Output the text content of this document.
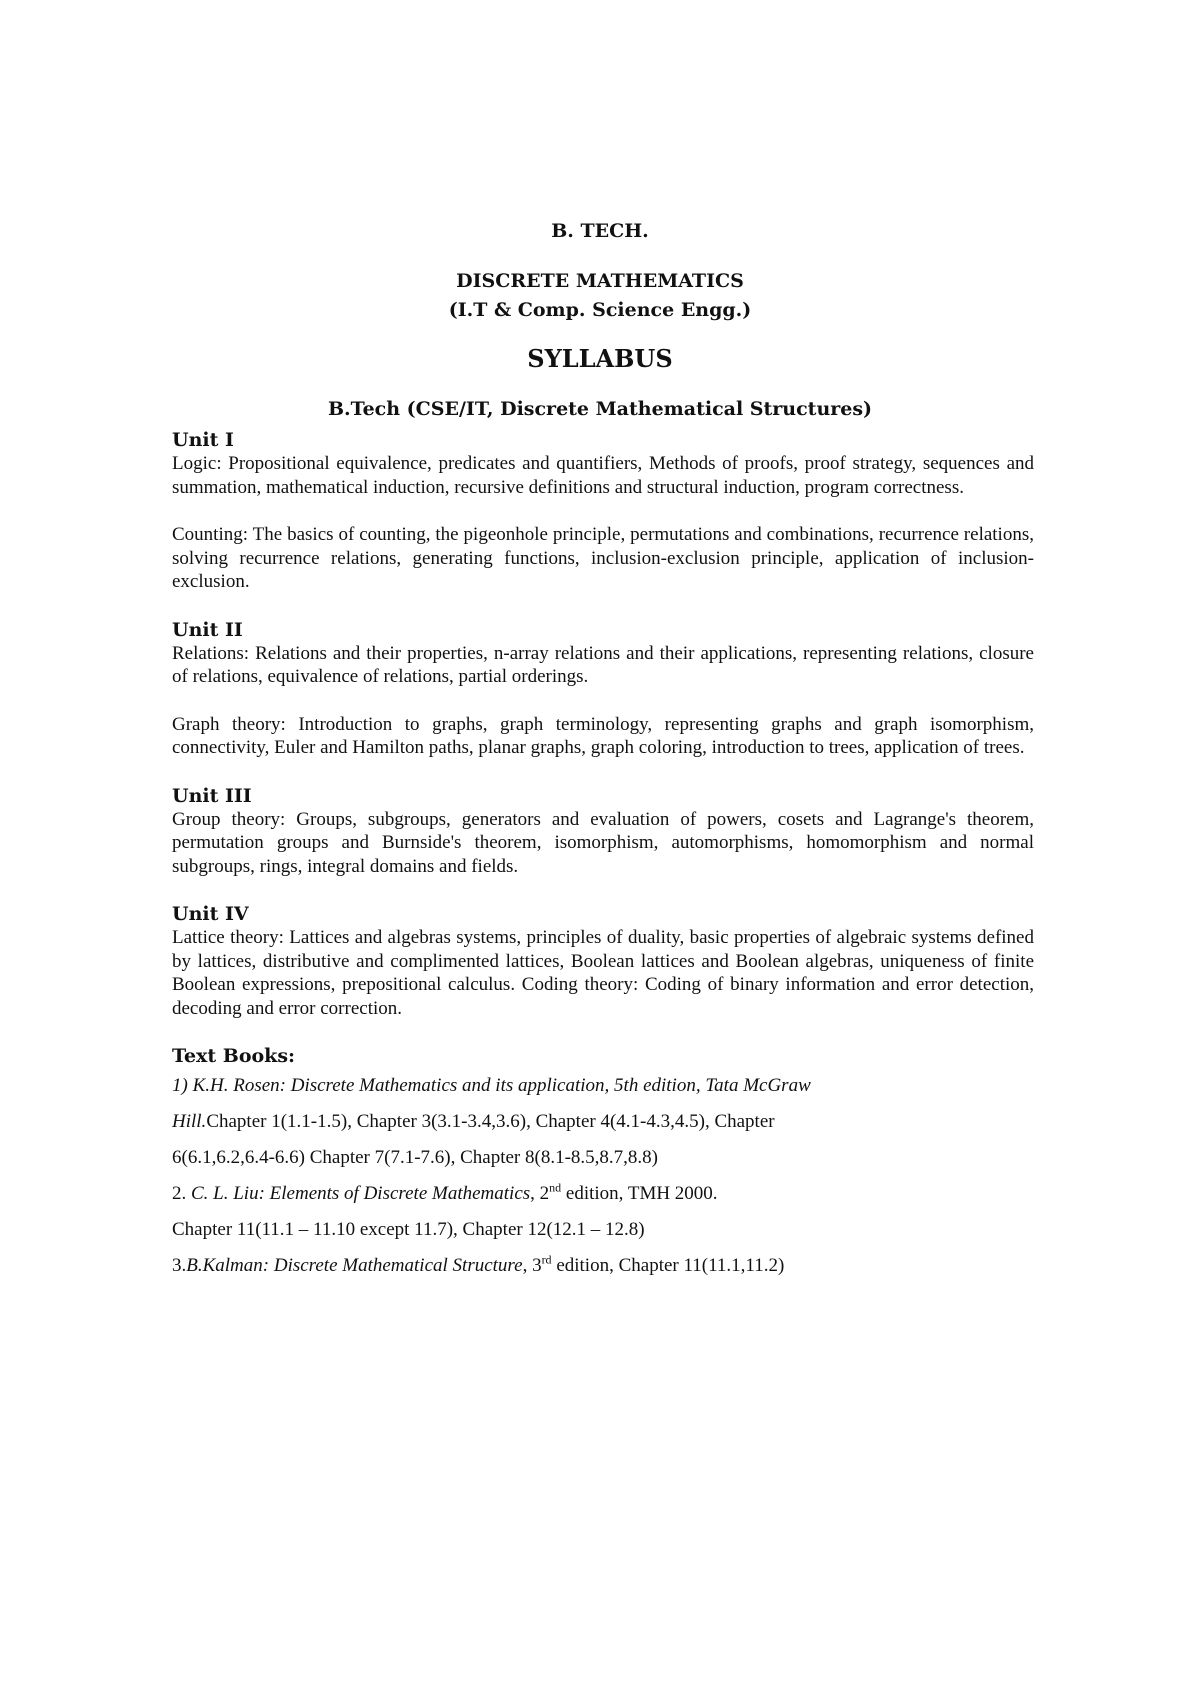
B. TECH.
DISCRETE MATHEMATICS
(I.T & Comp. Science Engg.)
SYLLABUS
B.Tech (CSE/IT, Discrete Mathematical Structures)

Unit I

Logic: Propositional equivalence, predicates and quantifiers, Methods of proofs, proof strategy, sequences and summation, mathematical induction, recursive definitions and structural induction, program correctness.

Counting: The basics of counting, the pigeonhole principle, permutations and combinations, recurrence relations, solving recurrence relations, generating functions, inclusion-exclusion principle, application of inclusion-exclusion.

Unit II

Relations: Relations and their properties, n-array relations and their applications, representing relations, closure of relations, equivalence of relations, partial orderings.

Graph theory: Introduction to graphs, graph terminology, representing graphs and graph isomorphism, connectivity, Euler and Hamilton paths, planar graphs, graph coloring, introduction to trees, application of trees.

Unit III

Group theory: Groups, subgroups, generators and evaluation of powers, cosets and Lagrange's theorem, permutation groups and Burnside's theorem, isomorphism, automorphisms, homomorphism and normal subgroups, rings, integral domains and fields.

Unit IV

Lattice theory: Lattices and algebras systems, principles of duality, basic properties of algebraic systems defined by lattices, distributive and complimented lattices, Boolean lattices and Boolean algebras, uniqueness of finite Boolean expressions, prepositional calculus. Coding theory: Coding of binary information and error detection, decoding and error correction.

Text Books:

1) K.H. Rosen: Discrete Mathematics and its application, 5th edition, Tata McGraw

Hill.Chapter 1(1.1-1.5), Chapter 3(3.1-3.4,3.6), Chapter 4(4.1-4.3,4.5), Chapter

6(6.1,6.2,6.4-6.6) Chapter 7(7.1-7.6), Chapter 8(8.1-8.5,8.7,8.8)

2. C. L. Liu: Elements of Discrete Mathematics, 2nd edition, TMH 2000.

Chapter 11(11.1 – 11.10 except 11.7), Chapter 12(12.1 – 12.8)

3.B.Kalman: Discrete Mathematical Structure, 3rd edition, Chapter 11(11.1,11.2)
